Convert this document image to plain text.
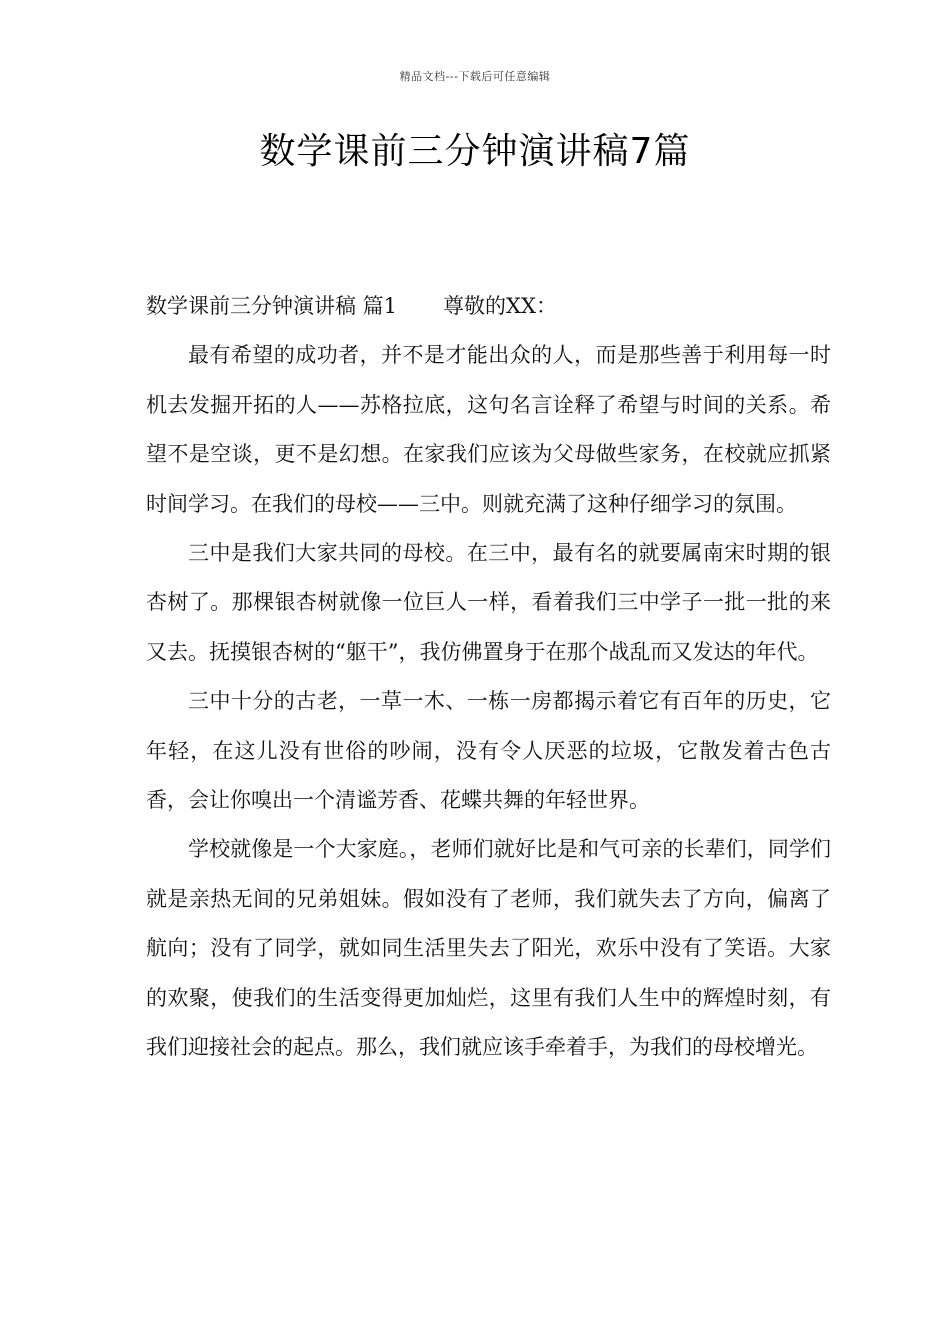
精品文档---下载后可任意编辑
数学课前三分钟演讲稿7篇

数学课前三分钟演讲稿 篇1 尊敬的XX：

最有希望的成功者，并不是才能出众的人，而是那些善于利用每一时机去发掘开拓的人——苏格拉底，这句名言诠释了希望与时间的关系。希望不是空谈，更不是幻想。在家我们应该为父母做些家务，在校就应抓紧时间学习。在我们的母校——三中。则就充满了这种仔细学习的氛围。

三中是我们大家共同的母校。在三中，最有名的就要属南宋时期的银杏树了。那棵银杏树就像一位巨人一样，看着我们三中学子一批一批的来又去。抚摸银杏树的“躯干”，我仿佛置身于在那个战乱而又发达的年代。

三中十分的古老，一草一木、一栋一房都揭示着它有百年的历史，它年轻，在这儿没有世俗的吵闹，没有令人厌恶的垃圾，它散发着古色古香，会让你嗅出一个清谧芳香、花蝶共舞的年轻世界。

学校就像是一个大家庭。，老师们就好比是和气可亲的长辈们，同学们就是亲热无间的兄弟姐妹。假如没有了老师，我们就失去了方向，偏离了航向；没有了同学，就如同生活里失去了阳光，欢乐中没有了笑语。大家的欢聚，使我们的生活变得更加灿烂，这里有我们人生中的辉煌时刻，有我们迎接社会的起点。那么，我们就应该手牵着手，为我们的母校增光。
